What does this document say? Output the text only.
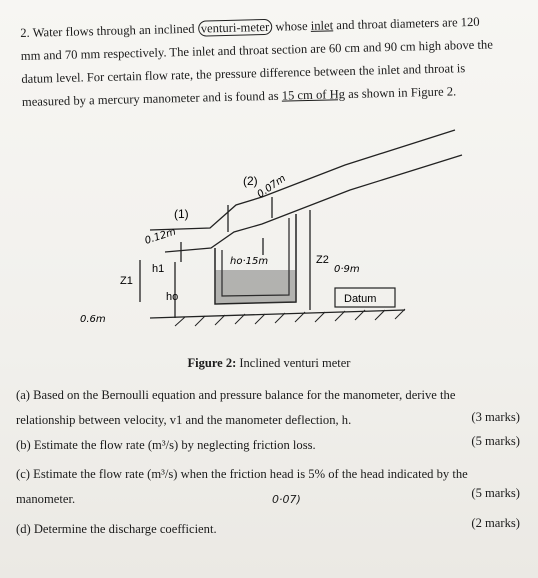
2. Water flows through an inclined venturi-meter whose inlet and throat diameters are 120

mm and 70 mm respectively. The inlet and throat section are 60 cm and 90 cm high above the

datum level. For certain flow rate, the pressure difference between the inlet and throat is

measured by a mercury manometer and is found as 15 cm of Hg as shown in Figure 2.

(2)
(1)
Z1
Z2
h1
ho	Datum
0.12m
0.07m
ho·15m
0·9m
0.6m
Figure 2: Inclined venturi meter
(a) Based on the Bernoulli equation and pressure balance for the manometer, derive the
relationship between velocity, v1 and the manometer deflection, h.	(3 marks)
(b) Estimate the flow rate (m³/s) by neglecting friction loss.	(5 marks)
(c) Estimate the flow rate (m³/s) when the friction head is 5% of the head indicated by the
manometer.	(5 marks)
0·07)
(d) Determine the discharge coefficient.	(2 marks)
